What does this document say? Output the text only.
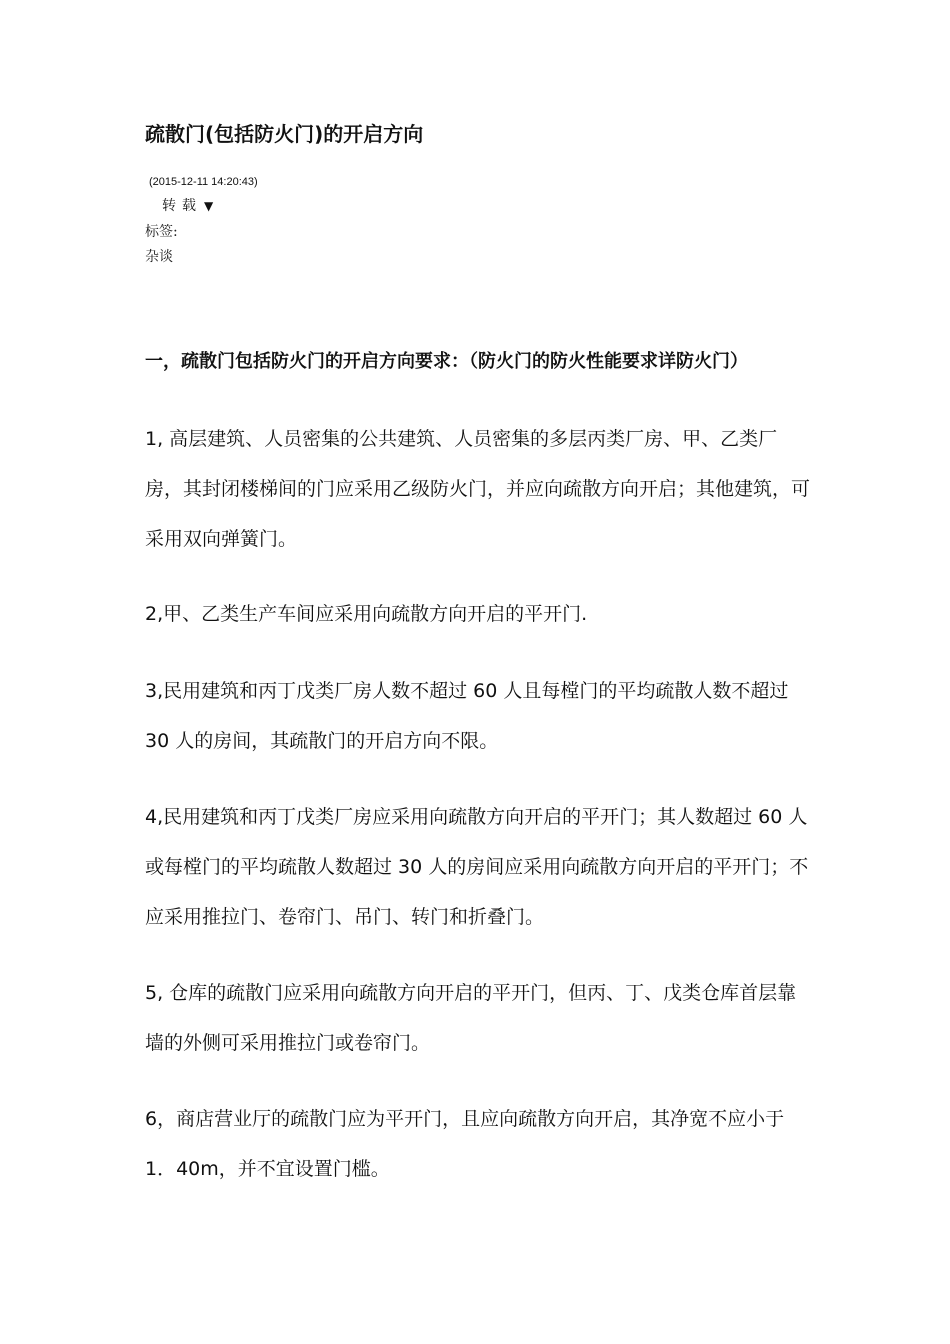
疏散门(包括防火门)的开启方向
(2015-12-11 14:20:43)
转载 ▼
标签:
杂谈
一，疏散门包括防火门的开启方向要求：（防火门的防火性能要求详防火门）
1, 高层建筑、人员密集的公共建筑、人员密集的多层丙类厂房、甲、乙类厂房，其封闭楼梯间的门应采用乙级防火门，并应向疏散方向开启；其他建筑，可采用双向弹簧门。
2,甲、乙类生产车间应采用向疏散方向开启的平开门.
3,民用建筑和丙丁戊类厂房人数不超过 60 人且每樘门的平均疏散人数不超过 30 人的房间，其疏散门的开启方向不限。
4,民用建筑和丙丁戊类厂房应采用向疏散方向开启的平开门；其人数超过 60 人或每樘门的平均疏散人数超过 30 人的房间应采用向疏散方向开启的平开门；不应采用推拉门、卷帘门、吊门、转门和折叠门。
5, 仓库的疏散门应采用向疏散方向开启的平开门，但丙、丁、戊类仓库首层靠墙的外侧可采用推拉门或卷帘门。
6，商店营业厅的疏散门应为平开门，且应向疏散方向开启，其净宽不应小于 1．40m，并不宜设置门槛。
